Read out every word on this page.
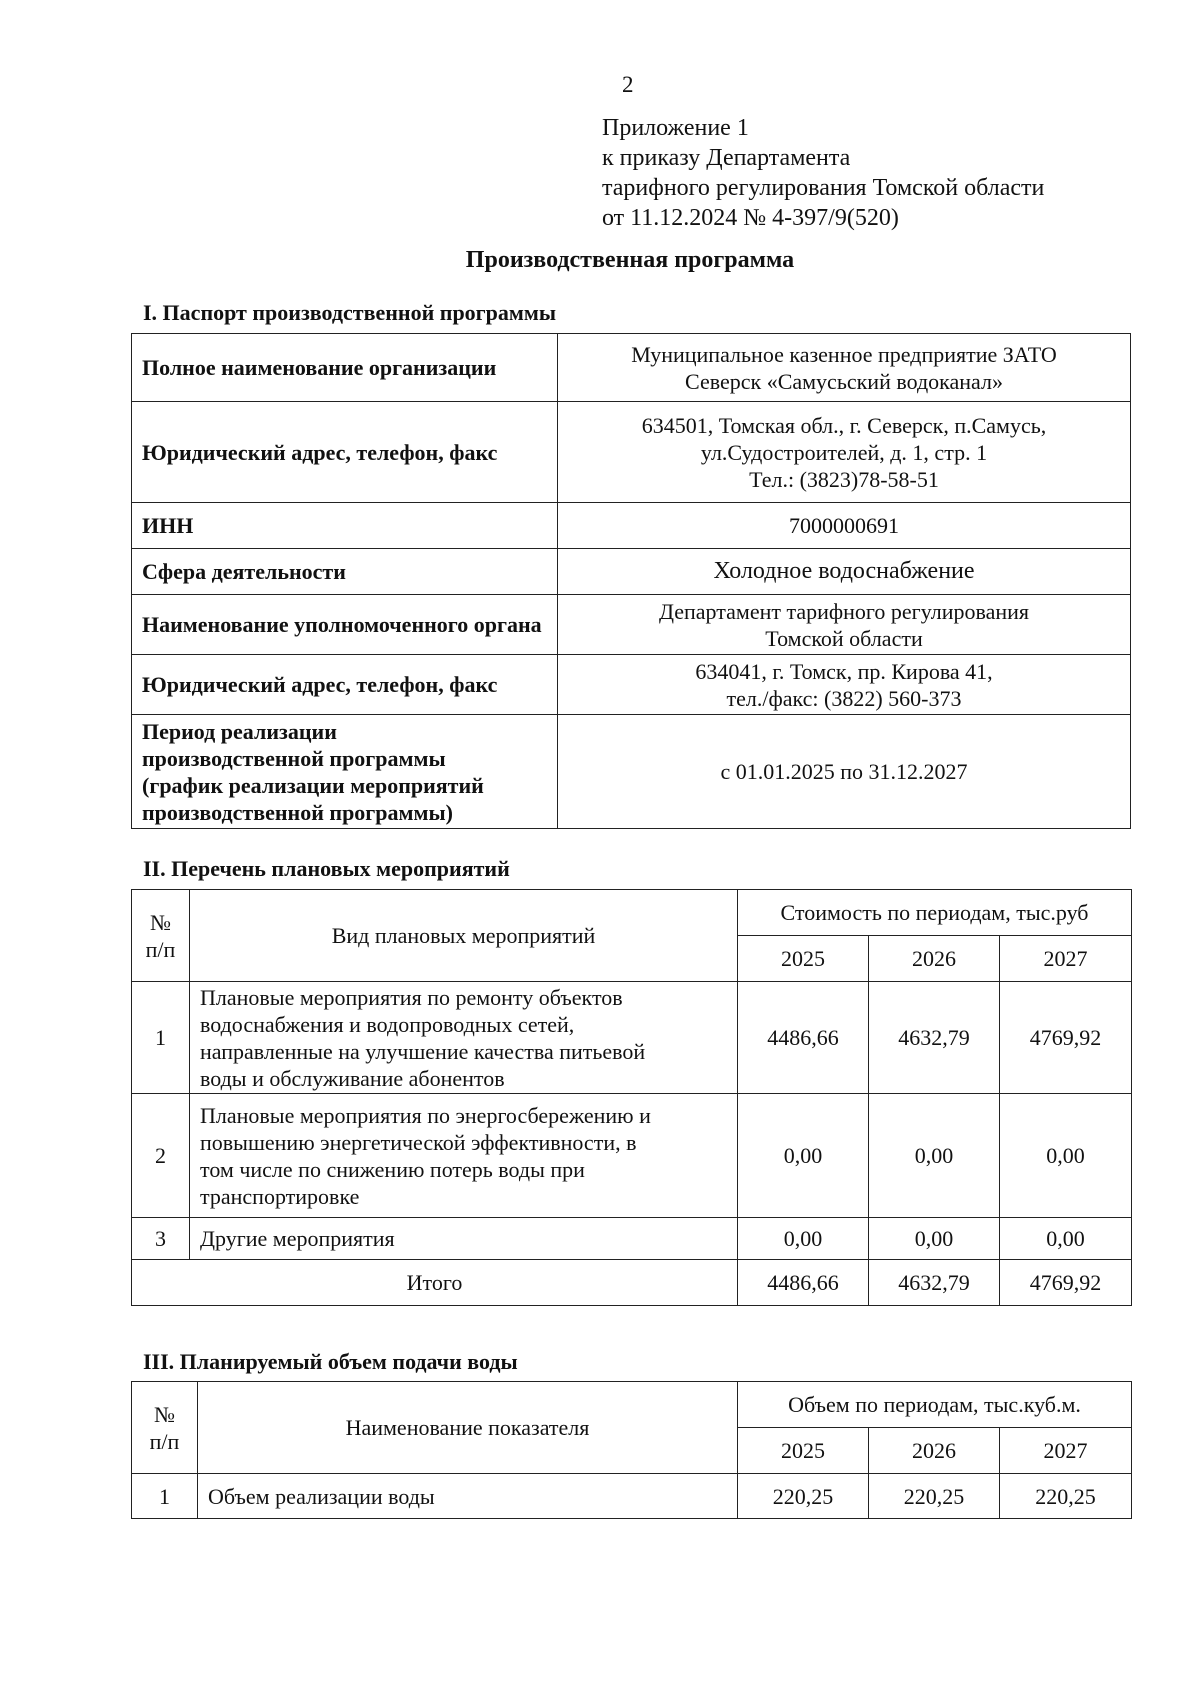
2
Приложение 1
к приказу Департамента
тарифного регулирования Томской области
от 11.12.2024 № 4-397/9(520)
Производственная программа
I. Паспорт производственной программы
Полное наименование организации	Муниципальное казенное предприятие ЗАТО
Северск «Самусьский водоканал»

Юридический адрес, телефон, факс	634501, Томская обл., г. Северск, п.Самусь,
ул.Судостроителей, д. 1, стр. 1
Тел.: (3823)78-58-51

ИНН	7000000691
Сфера деятельности	Холодное водоснабжение
Наименование уполномоченного органа	Департамент тарифного регулирования
Томской области

Юридический адрес, телефон, факс	634041, г. Томск, пр. Кирова 41,
тел./факс: (3822) 560-373

Период реализации
производственной программы
(график реализации мероприятий
производственной программы)	с 01.01.2025 по 31.12.2027
II. Перечень плановых мероприятий
№
п/п	Вид плановых мероприятий	Стоимость по периодам, тыс.руб		
		2025	2026	2027
1	Плановые мероприятия по ремонту объектов
водоснабжения и водопроводных сетей,
направленные на улучшение качества питьевой
воды и обслуживание абонентов	4486,66	4632,79	4769,92
2	Плановые мероприятия по энергосбережению и
повышению энергетической эффективности, в
том числе по снижению потерь воды при
транспортировке	0,00	0,00	0,00
3	Другие мероприятия	0,00	0,00	0,00
Итого		4486,66	4632,79	4769,92
III. Планируемый объем подачи воды
№
п/п	Наименование показателя	Объем по периодам, тыс.куб.м.		
		2025	2026	2027
1	Объем реализации воды	220,25	220,25	220,25
